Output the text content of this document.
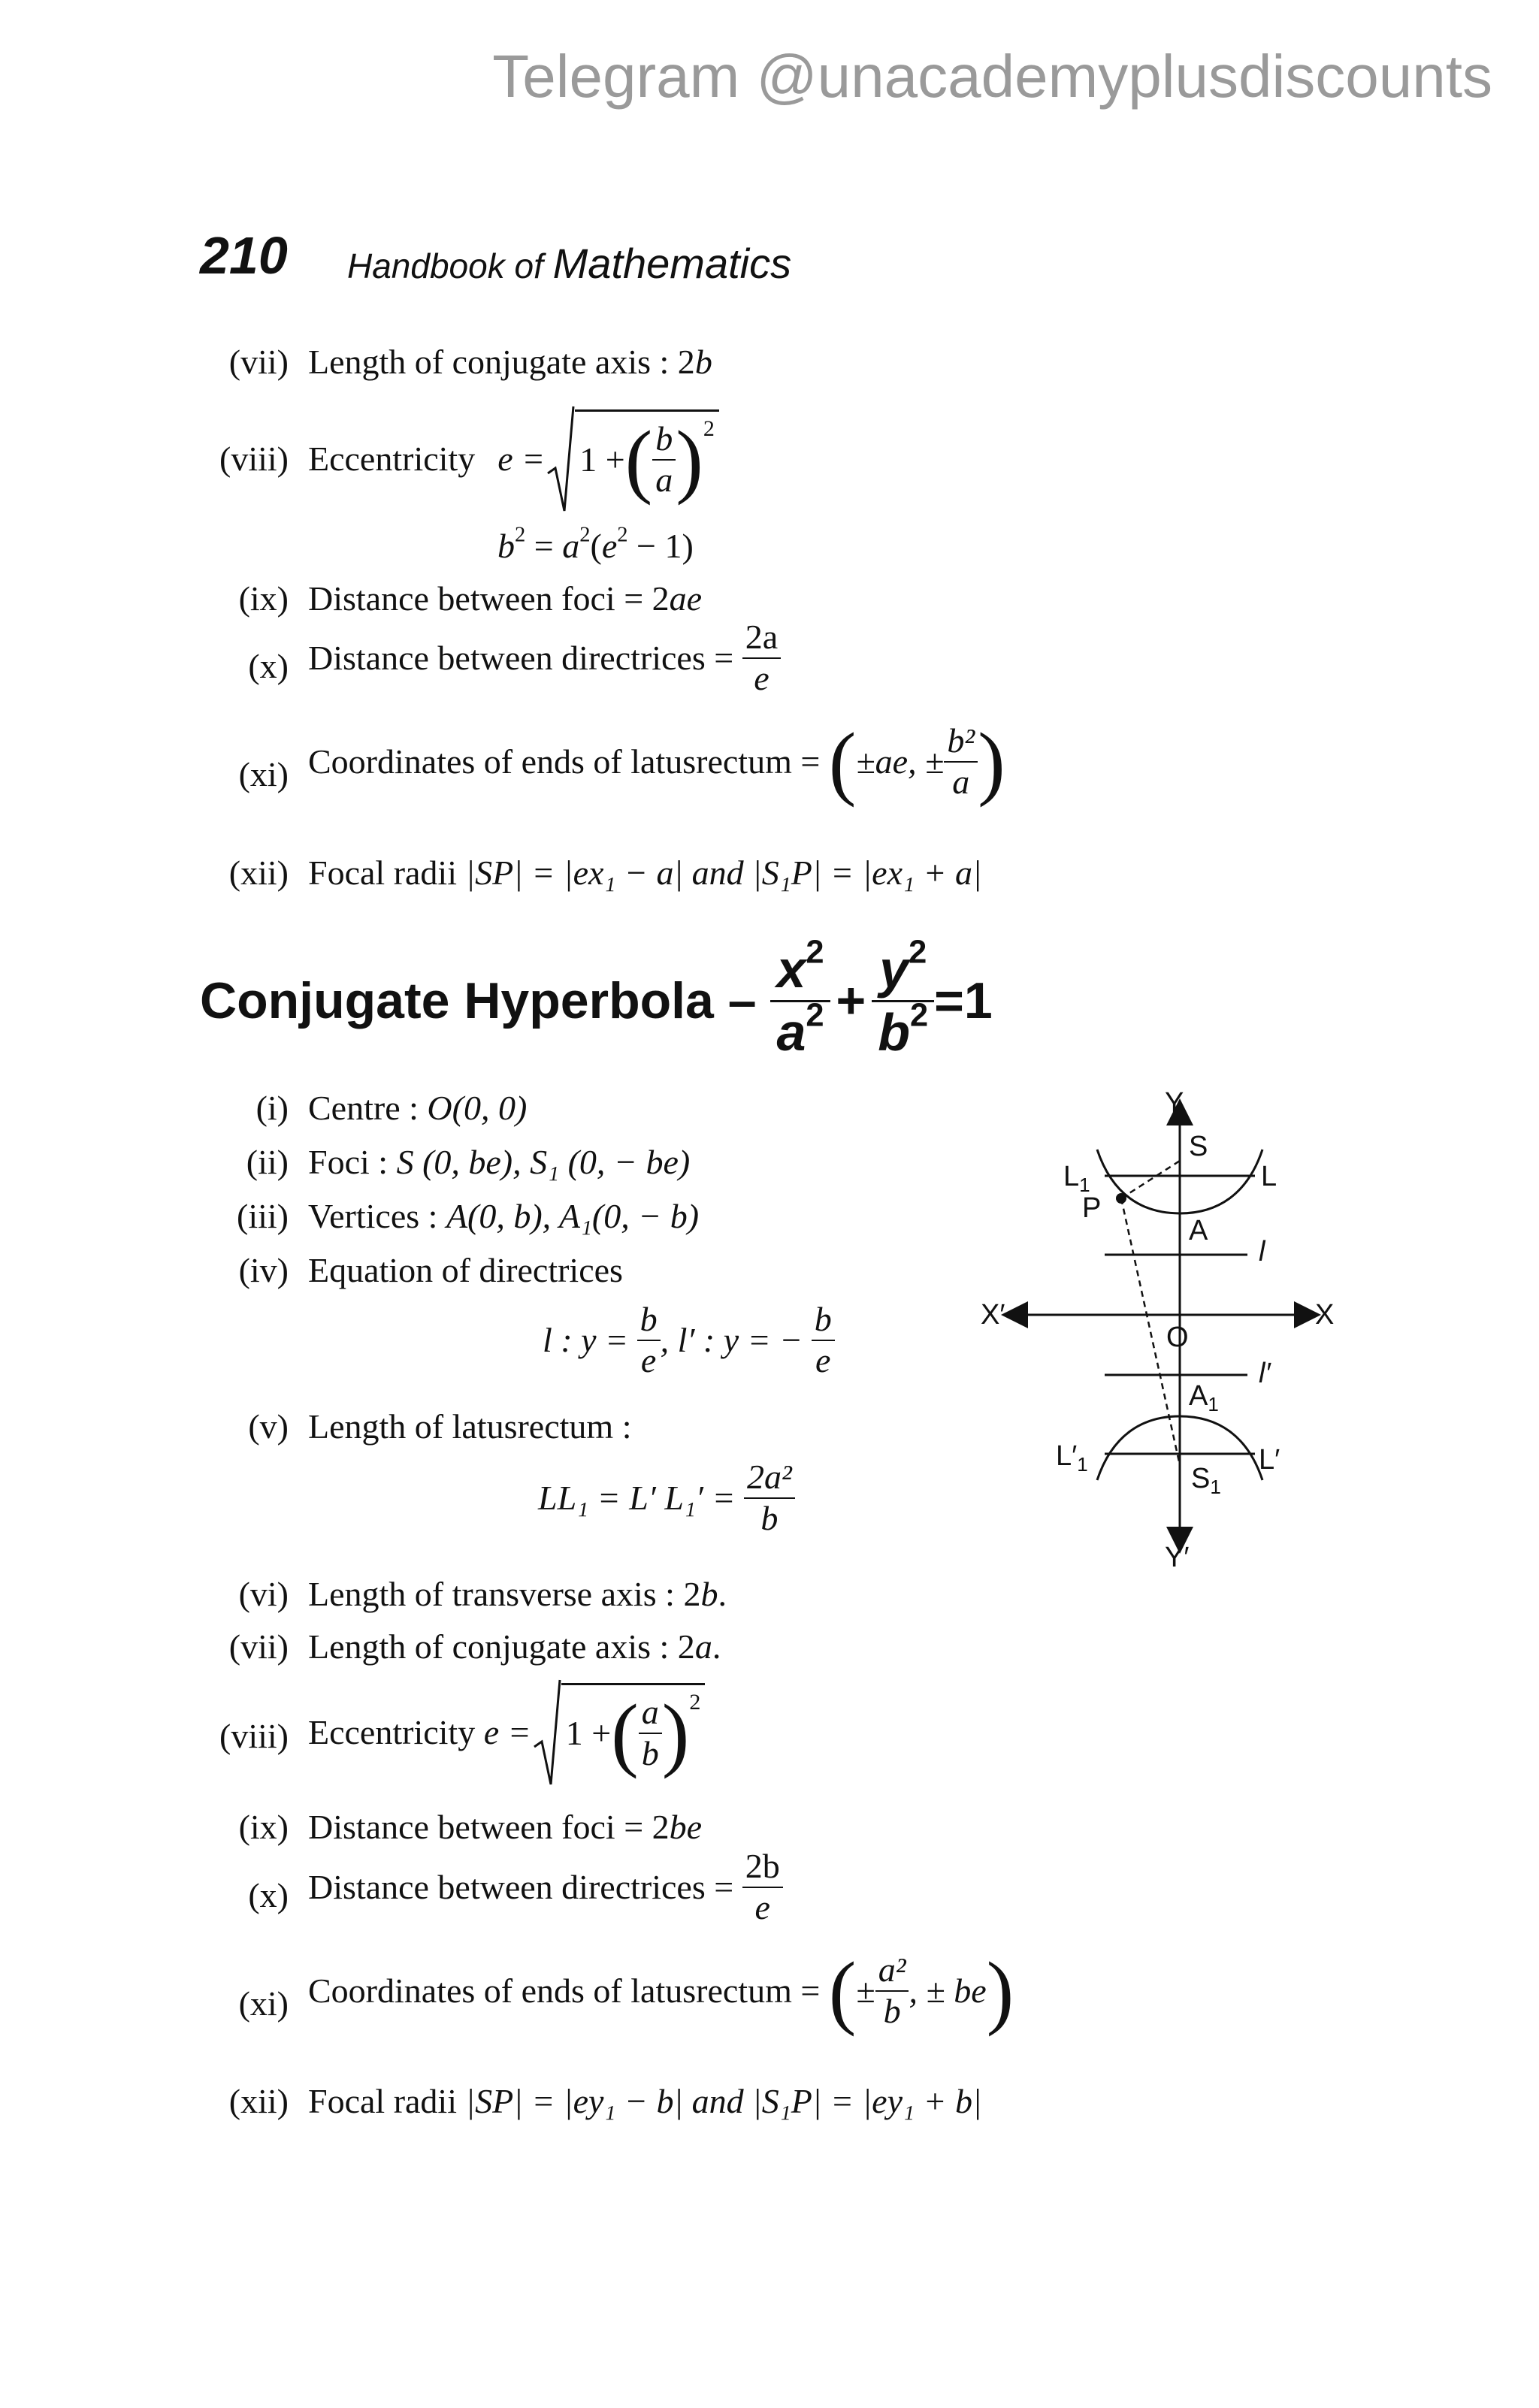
Telegram @unacademyplusdiscounts
210 Handbook of Mathematics
(vii) Length of conjugate axis : 2b
(viii) Eccentricity e = 1 + ( $\frac{b}{a}$ ) 2
$b^2 = a^2(e^2 - 1)$
(ix) Distance between foci = 2ae
(x) Distance between directrices =
$\frac{2a}{e}$
(xi) Coordinates of ends of latusrectum =
( ±ae, ± $\frac{\text{b²}}{a}$ )
(xii) Focal radii |SP| = |ex₁ − a| and |S₁P| = |ex₁ + a|
Conjugate Hyperbola –

$x^2$
$a^2 + \frac{y^2}{b^2} =1$
(i) Centre : O(0, 0)
(ii) Foci : S (0, be), S₁ (0, − be)
(iii) Vertices : A(0, b), A₁(0, − b)
(iv) Equation of directrices
l : y =
$\frac{b}{e}$ , l′ : y = −
$\frac{b}{e}$
(v) Length of latusrectum :
LL₁ = L′ L₁′ =
$\frac{\text{2a²}}{b}$
(vi) Length of transverse axis : 2b.
(vii) Length of conjugate axis : 2a.
(viii) Eccentricity
e = 1 + ( $\frac{a}{b}$ ) 2
(ix) Distance between foci = 2be
(x) Distance between directrices =
$\frac{2b}{e}$
(xi) Coordinates of ends of latusrectum =
( ± $\frac{\text{a²}}{b}$ , ± be )
(xii) Focal radii |SP| = |ey₁ − b| and |S₁P| = |ey₁ + b|
Y
Y′
X
X′
O
S
L
$L_1$
P
A
l
l′
$A_1$
$S_1$
L′
$L'_1$
